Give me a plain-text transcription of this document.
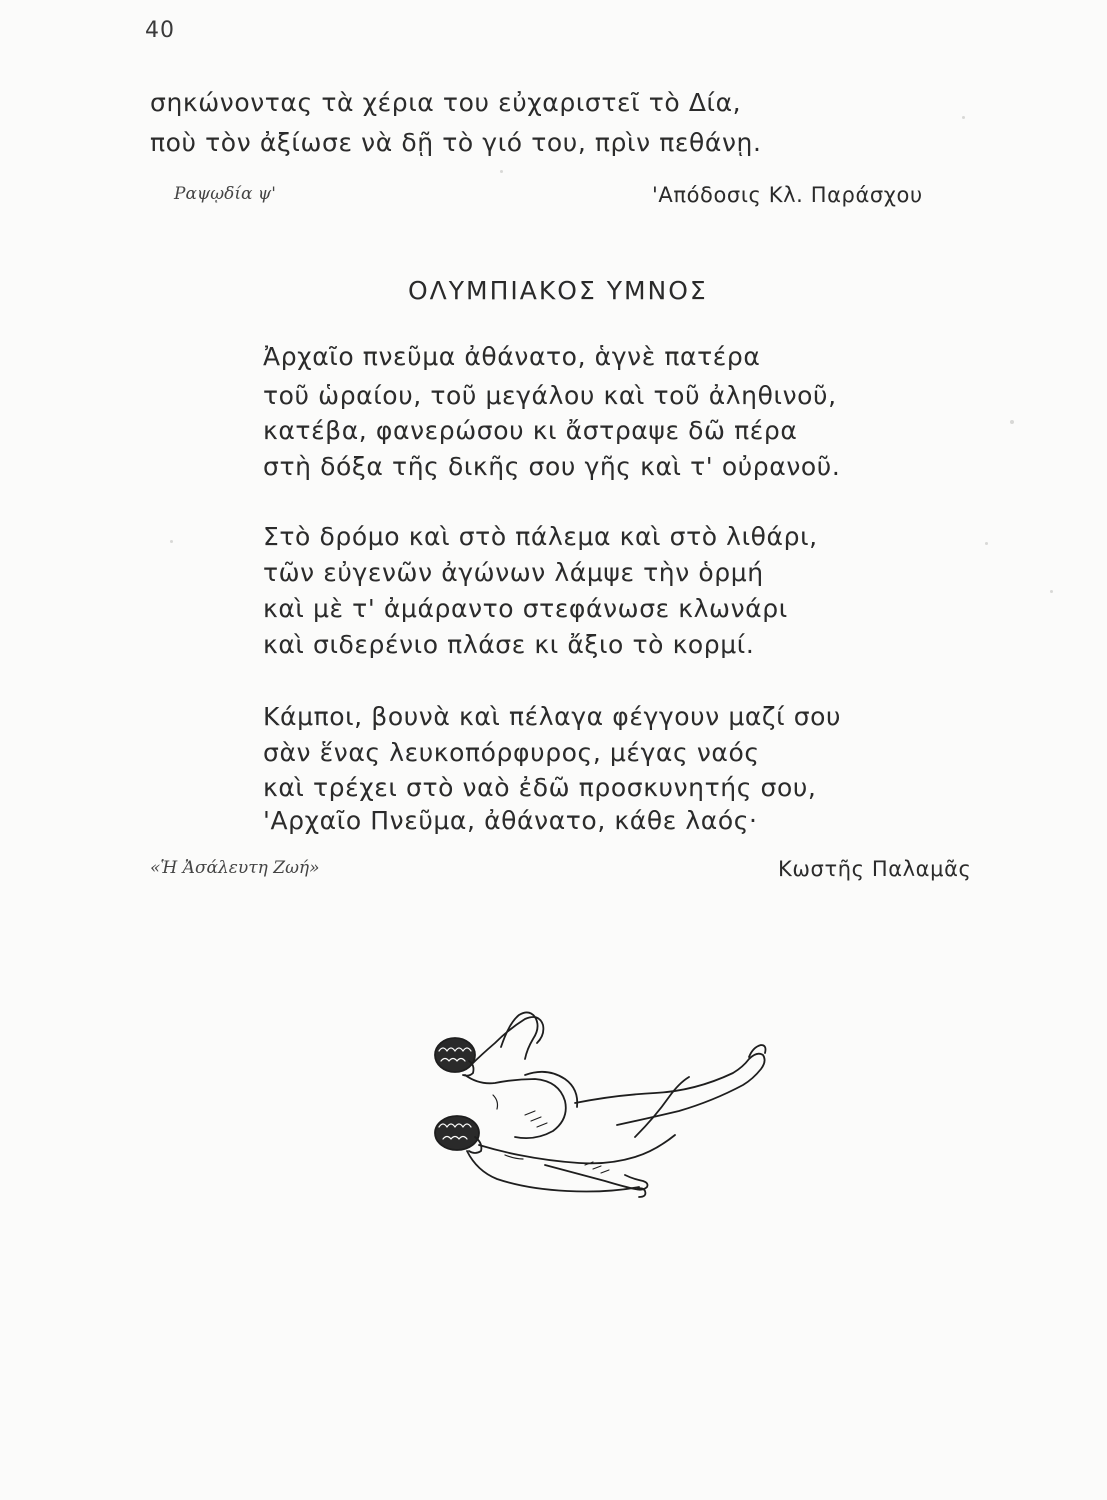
40
σηκώνοντας τὰ χέρια του εὐχαριστεῖ τὸ Δία,
ποὺ τὸν ἀξίωσε νὰ δῇ τὸ γιό του, πρὶν πεθάνῃ.
Ραψῳδία ψ'	'Απόδοσις Κλ. Παράσχου
ΟΛΥΜΠΙΑΚΟΣ ΥΜΝΟΣ
Ἀρχαῖο πνεῦμα ἀθάνατο, ἁγνὲ πατέρα
τοῦ ὡραίου, τοῦ μεγάλου καὶ τοῦ ἀληθινοῦ,
κατέβα, φανερώσου κι ἄστραψε δῶ πέρα
στὴ δόξα τῆς δικῆς σου γῆς καὶ τ' οὐρανοῦ.
Στὸ δρόμο καὶ στὸ πάλεμα καὶ στὸ λιθάρι,
τῶν εὐγενῶν ἀγώνων λάμψε τὴν ὁρμή
καὶ μὲ τ' ἀμάραντο στεφάνωσε κλωνάρι
καὶ σιδερένιο πλάσε κι ἄξιο τὸ κορμί.
Κάμποι, βουνὰ καὶ πέλαγα φέγγουν μαζί σου
σὰν ἕνας λευκοπόρφυρος, μέγας ναός
καὶ τρέχει στὸ ναὸ ἐδῶ προσκυνητής σου,
'Αρχαῖο Πνεῦμα, ἀθάνατο, κάθε λαός·
«Ἡ Ἀσάλευτη Ζωή»	Κωστῆς Παλαμᾶς
